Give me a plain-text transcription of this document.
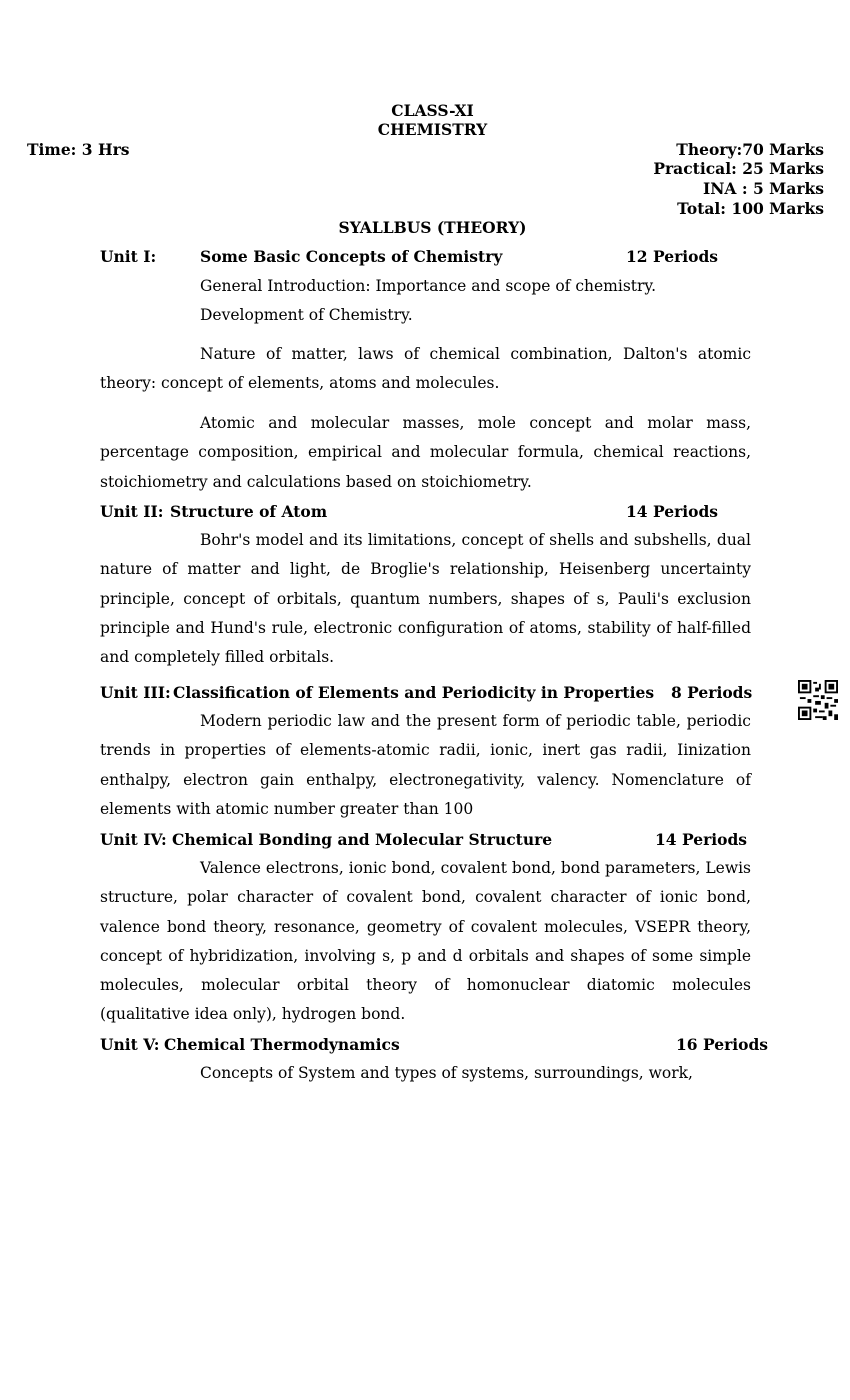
CLASS-XI
CHEMISTRY
Time: 3 Hrs	Theory:70 Marks
Practical: 25 Marks
INA : 5 Marks
Total: 100 Marks
SYALLBUS (THEORY)
Unit I:	Some Basic Concepts of Chemistry	12 Periods
General Introduction: Importance and scope of chemistry.
Development of Chemistry.
Nature of matter, laws of chemical combination, Dalton's atomic theory: concept of elements, atoms and molecules.
Atomic and molecular masses, mole concept and molar mass, percentage composition, empirical and molecular formula, chemical reactions, stoichiometry and calculations based on stoichiometry.
Unit II: Structure of Atom	14 Periods
Bohr's model and its limitations, concept of shells and subshells, dual nature of matter and light, de Broglie's relationship, Heisenberg uncertainty principle, concept of orbitals, quantum numbers, shapes of s, Pauli's exclusion principle and Hund's rule, electronic configuration of atoms, stability of half-filled and completely filled orbitals.
Unit III: Classification of Elements and Periodicity in Properties 8 Periods
Modern periodic law and the present form of periodic table, periodic trends in properties of elements-atomic radii, ionic, inert gas radii, Iinization enthalpy, electron gain enthalpy, electronegativity, valency. Nomenclature of elements with atomic number greater than 100
Unit IV: Chemical Bonding and Molecular Structure	14 Periods
Valence electrons, ionic bond, covalent bond, bond parameters, Lewis structure, polar character of covalent bond, covalent character of ionic bond, valence bond theory, resonance, geometry of covalent molecules, VSEPR theory, concept of hybridization, involving s, p and d orbitals and shapes of some simple molecules, molecular orbital theory of homonuclear diatomic molecules (qualitative idea only), hydrogen bond.
Unit V: Chemical Thermodynamics	16 Periods
Concepts of System and types of systems, surroundings, work,
